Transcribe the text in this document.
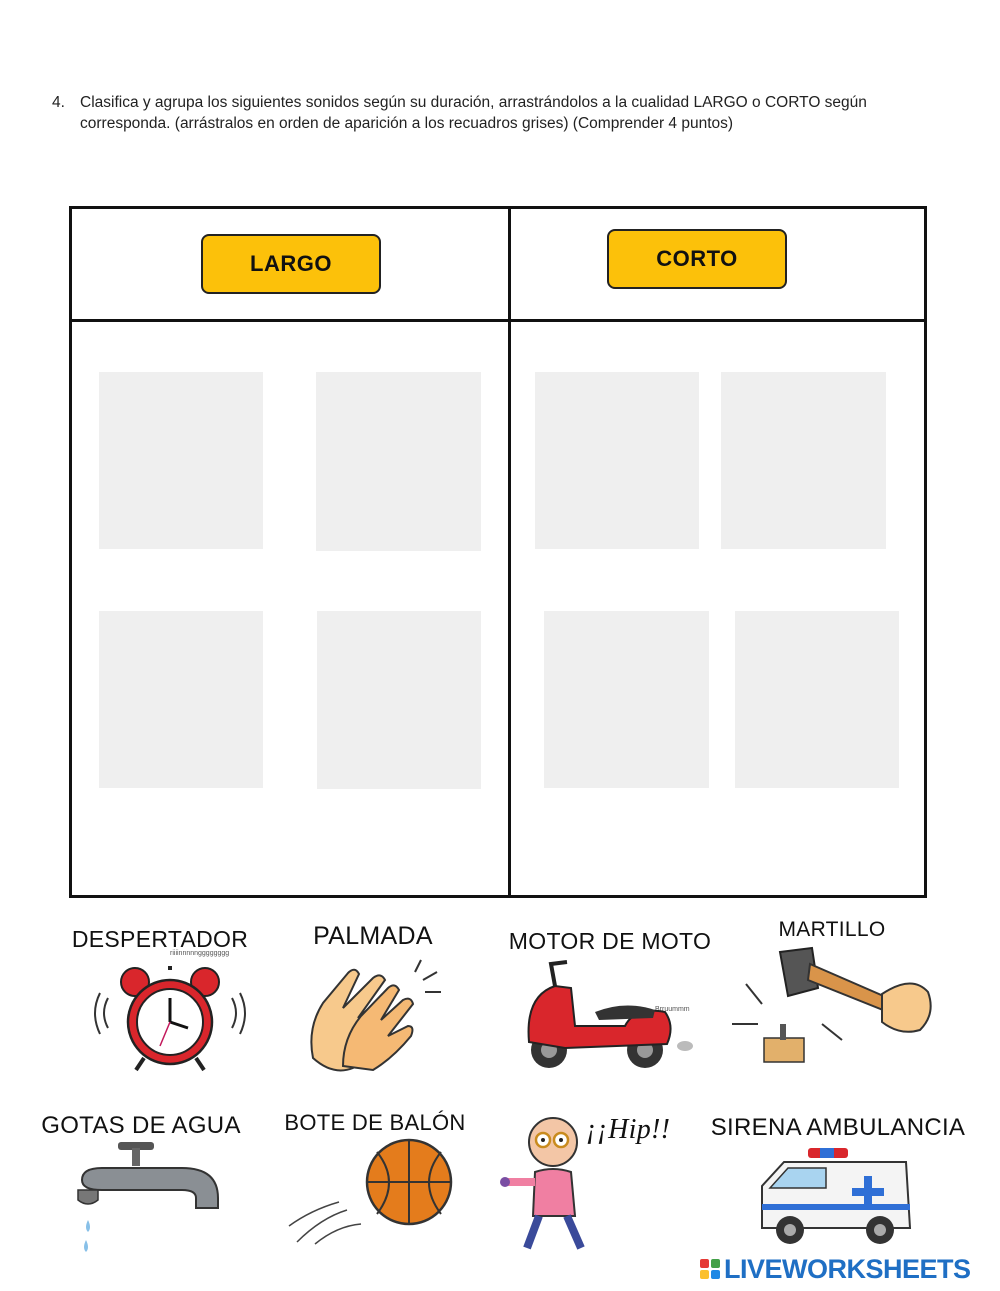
4. Clasifica y agrupa los siguientes sonidos según su duración, arrastrándolos a la cualidad LARGO o CORTO según corresponda. (arrástralos en orden de aparición a los recuadros grises) (Comprender 4 puntos)
LARGO	CORTO
DESPERTADOR
riiiinnnnngggggggg
PALMADA	MOTOR DE MOTO
Brruummm
MARTILLO
GOTAS DE AGUA	BOTE DE BALÓN	¡¡Hip!!	SIRENA AMBULANCIA
LIVEWORKSHEETS
